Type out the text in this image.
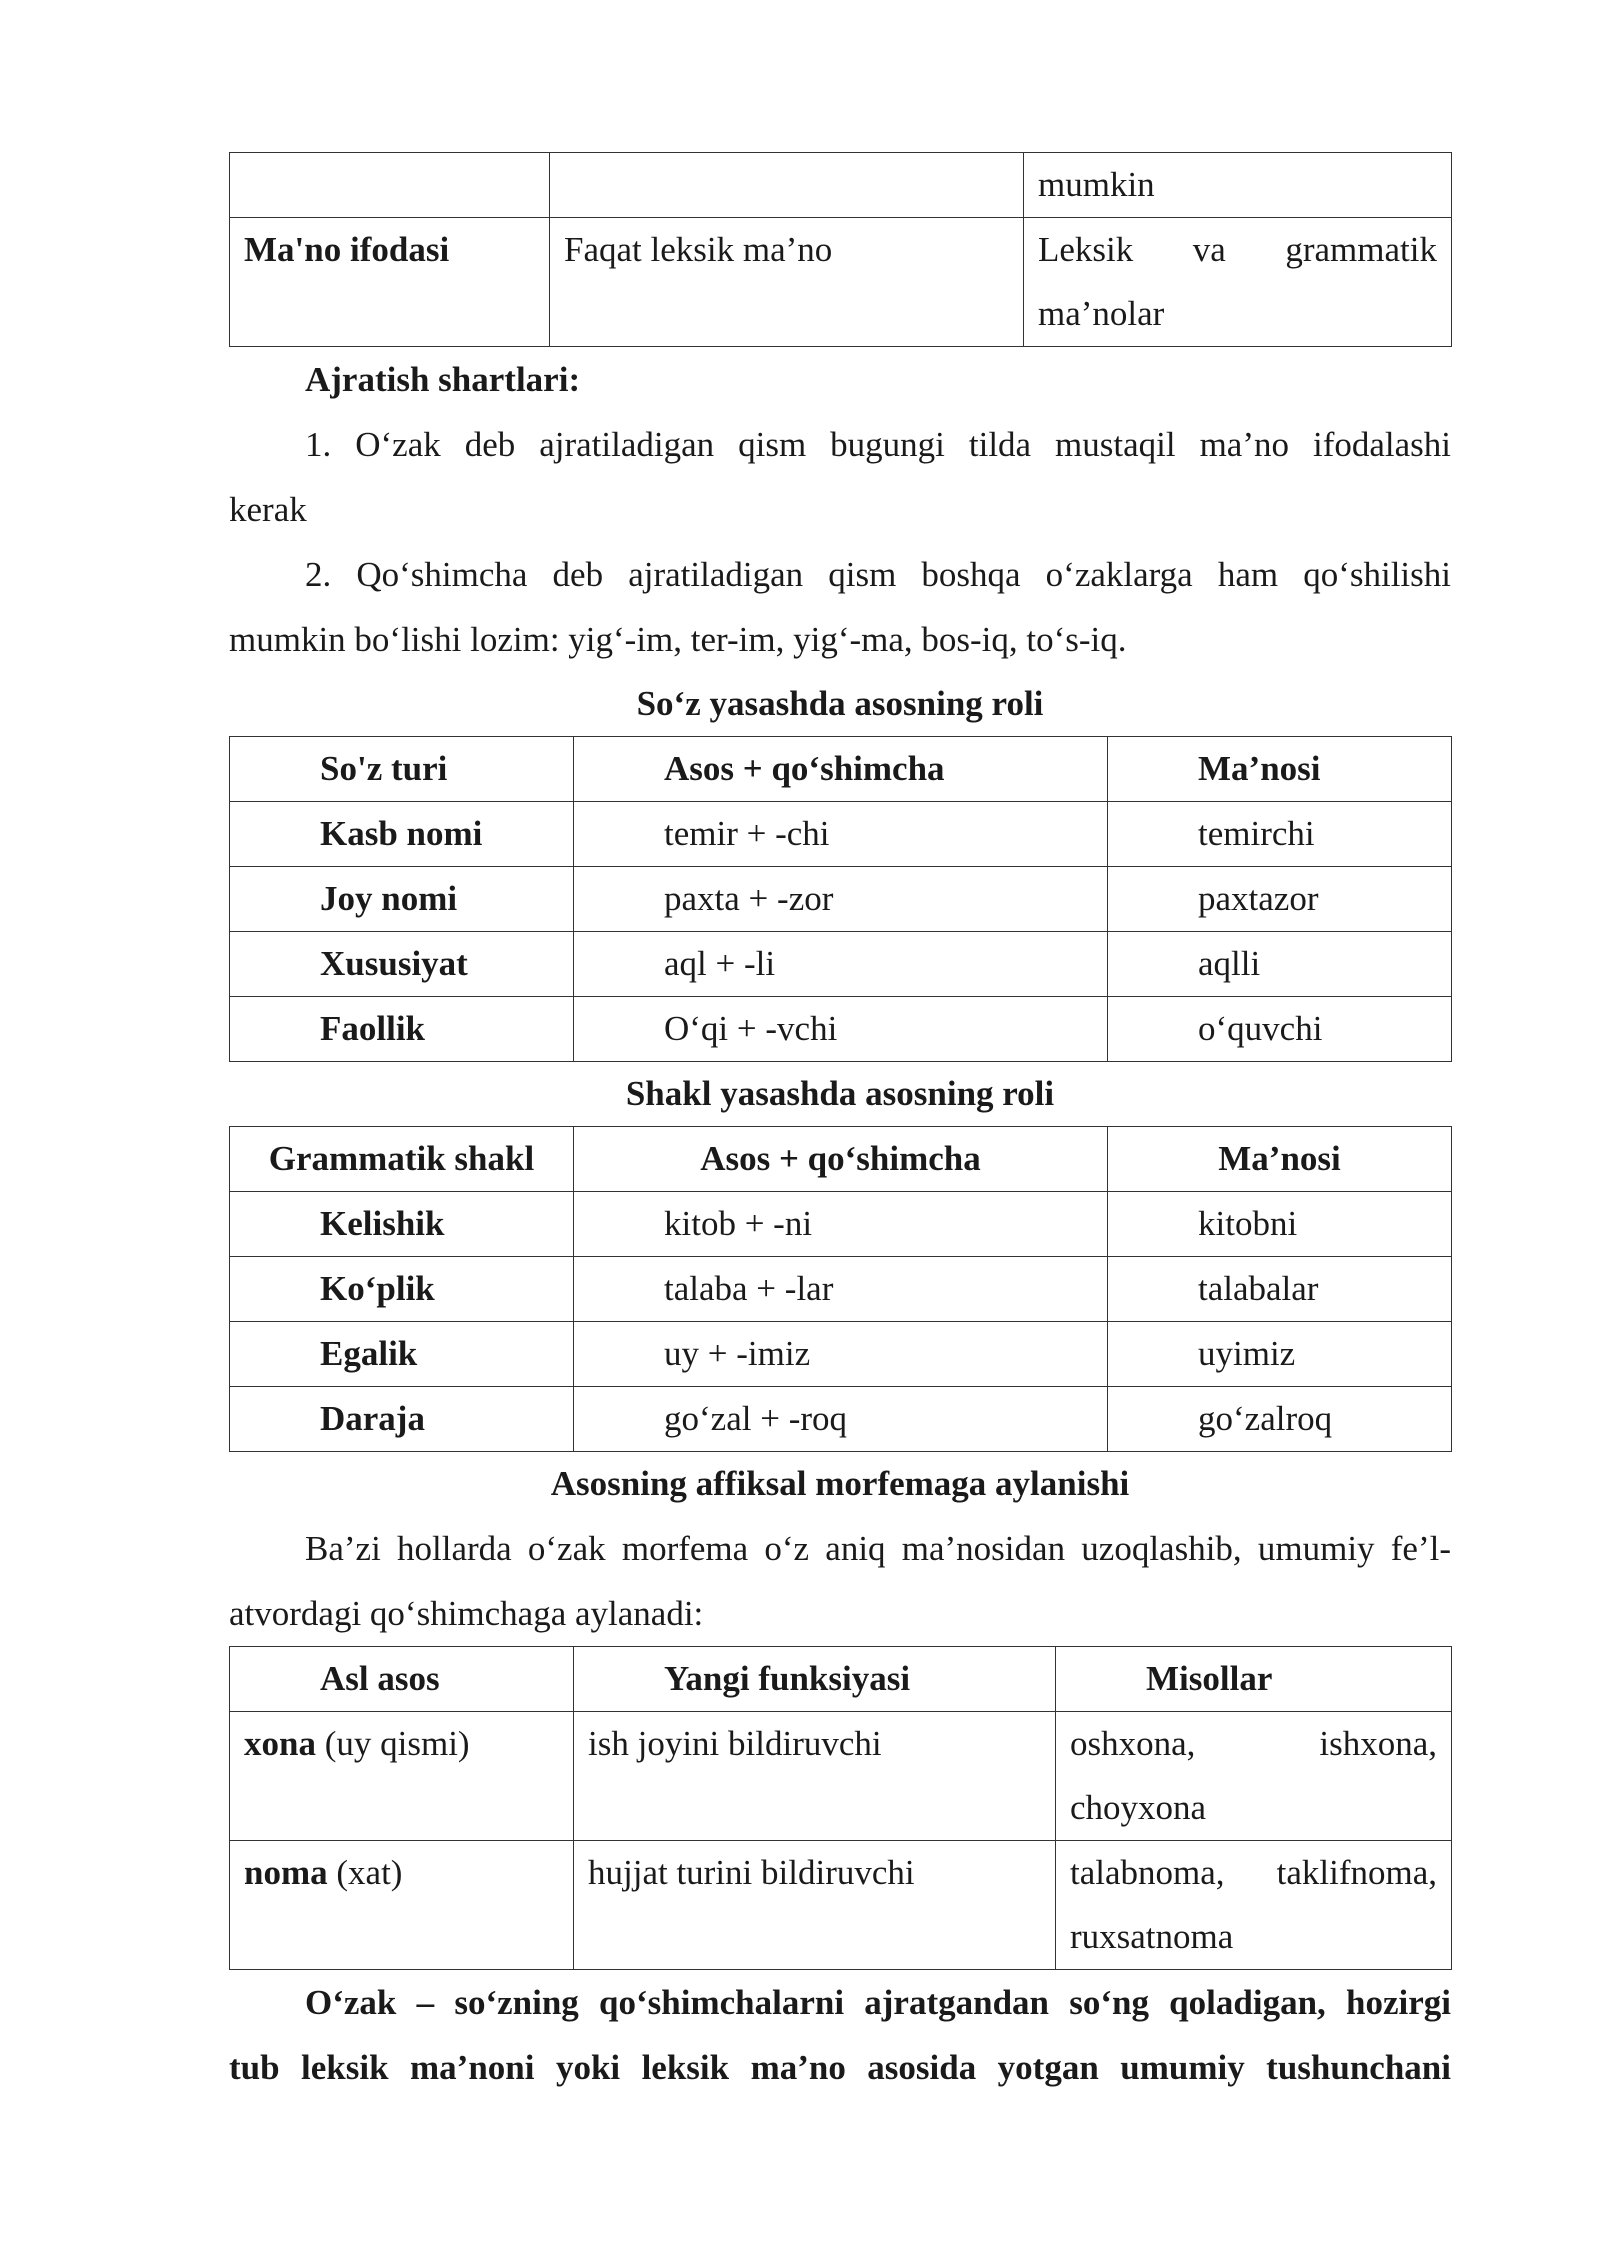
		mumkin
Ma'no ifodasi	Faqat leksik ma’no	Leksik va grammatik
ma’nolar

Ajratish shartlari:

1. O‘zak deb ajratiladigan qism bugungi tilda mustaqil ma’no ifodalashi

kerak

2. Qo‘shimcha deb ajratiladigan qism boshqa o‘zaklarga ham qo‘shilishi

mumkin bo‘lishi lozim: yig‘-im, ter-im, yig‘-ma, bos-iq, to‘s-iq.

So‘z yasashda asosning roli

So'z turi	Asos + qo‘shimcha	Ma’nosi
Kasb nomi	temir + -chi	temirchi
Joy nomi	paxta + -zor	paxtazor
Xususiyat	aql + -li	aqlli
Faollik	O‘qi + -vchi	o‘quvchi

Shakl yasashda asosning roli

Grammatik shakl	Asos + qo‘shimcha	Ma’nosi
Kelishik	kitob + -ni	kitobni
Ko‘plik	talaba + -lar	talabalar
Egalik	uy + -imiz	uyimiz
Daraja	go‘zal + -roq	go‘zalroq

Asosning affiksal morfemaga aylanishi

Ba’zi hollarda o‘zak morfema o‘z aniq ma’nosidan uzoqlashib, umumiy fe’l-

atvordagi qo‘shimchaga aylanadi:

Asl asos	Yangi funksiyasi	Misollar
xona (uy qismi)	ish joyini bildiruvchi	oshxona, ishxona,
choyxona

noma (xat)	hujjat turini bildiruvchi	talabnoma, taklifnoma,
ruxsatnoma

O‘zak – so‘zning qo‘shimchalarni ajratgandan so‘ng qoladigan, hozirgi

tub leksik ma’noni yoki leksik ma’no asosida yotgan umumiy tushunchani
